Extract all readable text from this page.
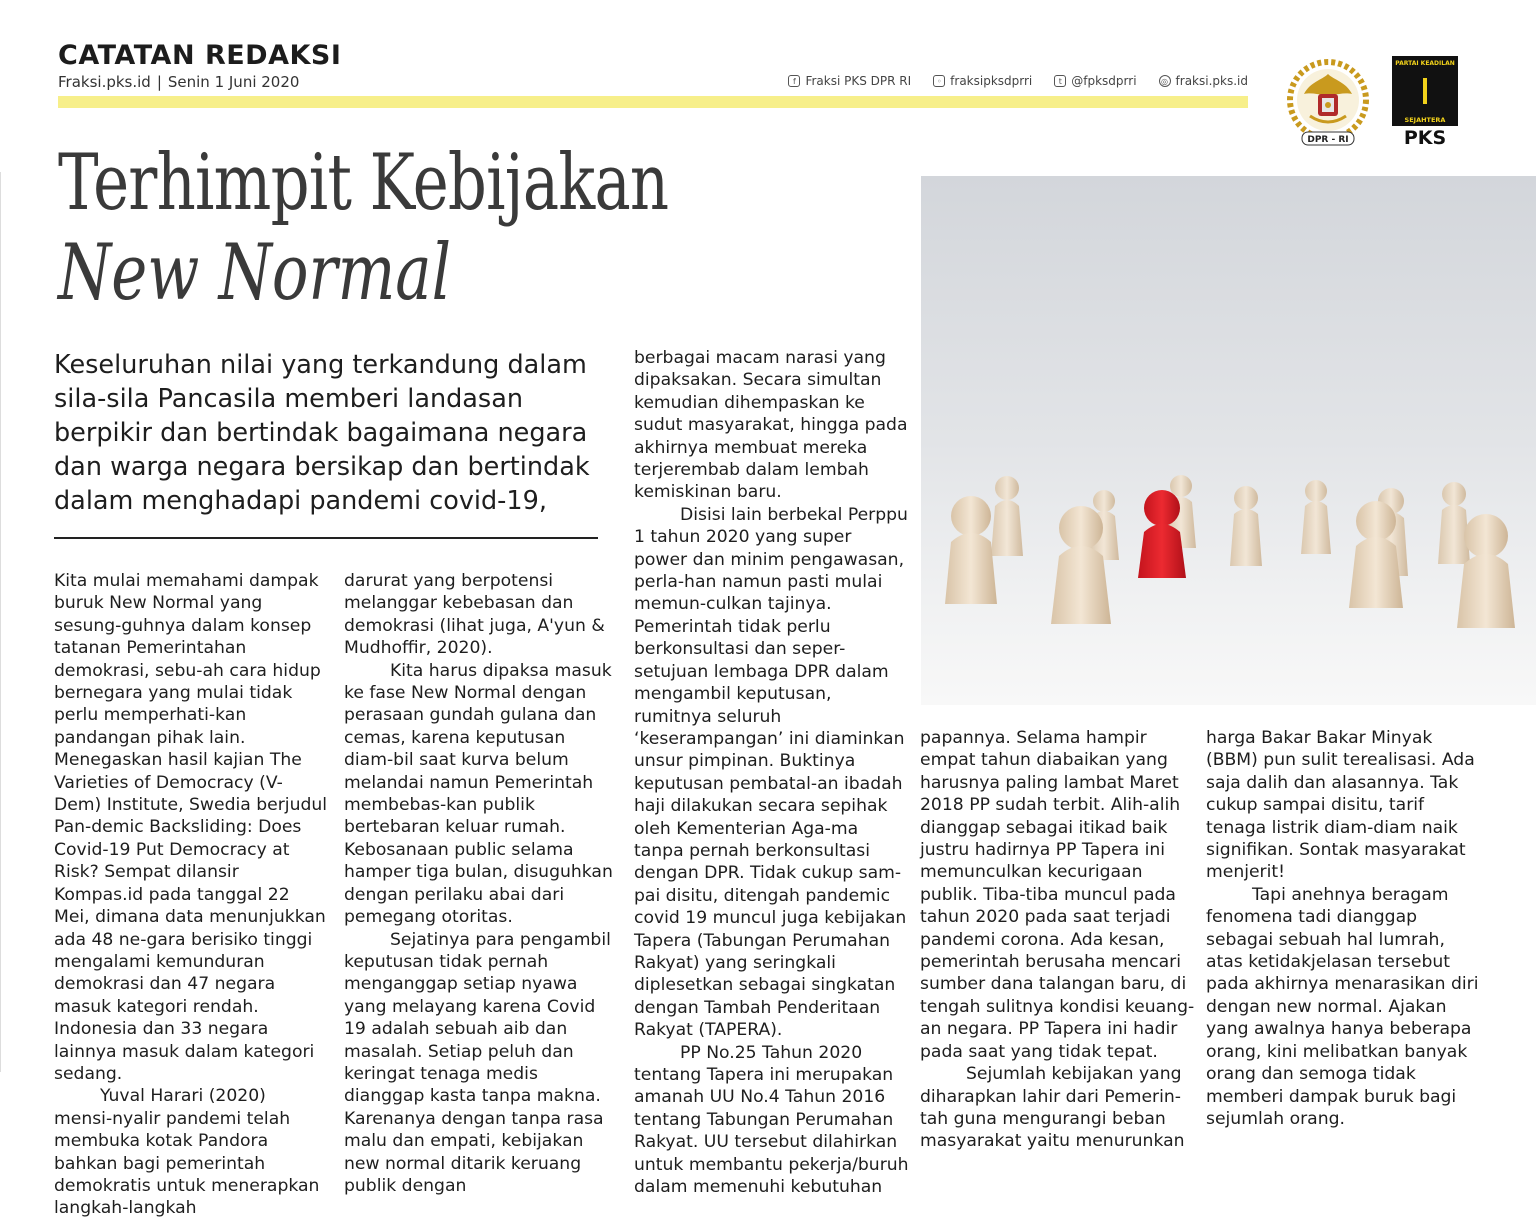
CATATAN REDAKSI
Fraksi.pks.id | Senin 1 Juni 2020	f Fraksi PKS DPR RI	◦ fraksipksdprri	t @fpksdprri	◎ fraksi.pks.id
DPR - RI
PARTAI KEADILAN
SEJAHTERA
PKS
Terhimpit Kebijakan
New Normal
Keseluruhan nilai yang terkandung dalam sila-sila Pancasila memberi landasan berpikir dan bertindak bagaimana negara dan warga negara bersikap dan bertindak dalam menghadapi pandemi covid-19,

Kita mulai memahami dampak buruk New Normal yang sesung-guhnya dalam konsep tatanan Pemerintahan demokrasi, sebu-ah cara hidup bernegara yang mulai tidak perlu memperhati-kan pandangan pihak lain. Menegaskan hasil kajian The Varieties of Democracy (V-Dem) Institute, Swedia berjudul Pan-demic Backsliding: Does Covid-19 Put Democracy at Risk? Sempat dilansir Kompas.id pada tanggal 22 Mei, dimana data menunjukkan ada 48 ne-gara berisiko tinggi mengalami kemunduran demokrasi dan 47 negara masuk kategori rendah. Indonesia dan 33 negara lainnya masuk dalam kategori sedang.

Yuval Harari (2020) mensi-nyalir pandemi telah membuka kotak Pandora bahkan bagi pemerintah demokratis untuk menerapkan langkah-langkah

darurat yang berpotensi melanggar kebebasan dan demokrasi (lihat juga, A'yun & Mudhoffir, 2020).

Kita harus dipaksa masuk ke fase New Normal dengan perasaan gundah gulana dan cemas, karena keputusan diam-bil saat kurva belum melandai namun Pemerintah membebas-kan publik bertebaran keluar rumah. Kebosanaan public selama hamper tiga bulan, disuguhkan dengan perilaku abai dari pemegang otoritas.

Sejatinya para pengambil keputusan tidak pernah menganggap setiap nyawa yang melayang karena Covid 19 adalah sebuah aib dan masalah. Setiap peluh dan keringat tenaga medis dianggap kasta tanpa makna. Karenanya dengan tanpa rasa malu dan empati, kebijakan new normal ditarik keruang publik dengan

berbagai macam narasi yang dipaksakan. Secara simultan kemudian dihempaskan ke sudut masyarakat, hingga pada akhirnya membuat mereka terjerembab dalam lembah kemiskinan baru.

Disisi lain berbekal Perppu 1 tahun 2020 yang super power dan minim pengawasan, perla-han namun pasti mulai memun-culkan tajinya. Pemerintah tidak perlu berkonsultasi dan seper-setujuan lembaga DPR dalam mengambil keputusan, rumitnya seluruh ‘keserampangan’ ini diaminkan unsur pimpinan. Buktinya keputusan pembatal-an ibadah haji dilakukan secara sepihak oleh Kementerian Aga-ma tanpa pernah berkonsultasi dengan DPR. Tidak cukup sam-pai disitu, ditengah pandemic covid 19 muncul juga kebijakan Tapera (Tabungan Perumahan Rakyat) yang seringkali diplesetkan sebagai singkatan dengan Tambah Penderitaan Rakyat (TAPERA).

PP No.25 Tahun 2020 tentang Tapera ini merupakan amanah UU No.4 Tahun 2016 tentang Tabungan Perumahan Rakyat. UU tersebut dilahirkan untuk membantu pekerja/buruh dalam memenuhi kebutuhan

papannya. Selama hampir empat tahun diabaikan yang harusnya paling lambat Maret 2018 PP sudah terbit. Alih-alih dianggap sebagai itikad baik justru hadirnya PP Tapera ini memunculkan kecurigaan publik. Tiba-tiba muncul pada tahun 2020 pada saat terjadi pandemi corona. Ada kesan, pemerintah berusaha mencari sumber dana talangan baru, di tengah sulitnya kondisi keuang-an negara. PP Tapera ini hadir pada saat yang tidak tepat.

Sejumlah kebijakan yang diharapkan lahir dari Pemerin-tah guna mengurangi beban masyarakat yaitu menurunkan

harga Bakar Bakar Minyak (BBM) pun sulit terealisasi. Ada saja dalih dan alasannya. Tak cukup sampai disitu, tarif tenaga listrik diam-diam naik signifikan. Sontak masyarakat menjerit!

Tapi anehnya beragam fenomena tadi dianggap sebagai sebuah hal lumrah, atas ketidakjelasan tersebut pada akhirnya menarasikan diri dengan new normal. Ajakan yang awalnya hanya beberapa orang, kini melibatkan banyak orang dan semoga tidak memberi dampak buruk bagi sejumlah orang.
